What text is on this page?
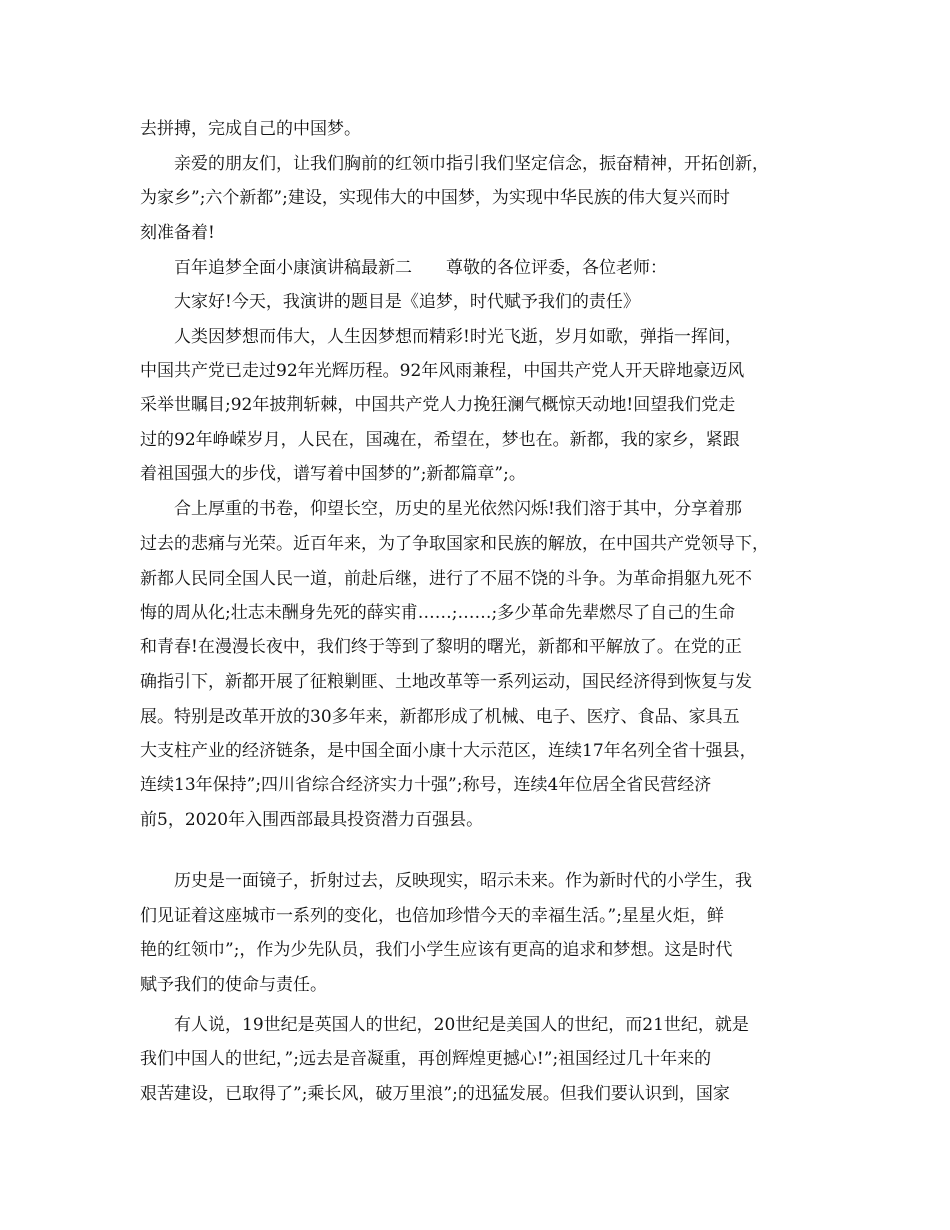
去拼搏，完成自己的中国梦。

亲爱的朋友们，让我们胸前的红领巾指引我们坚定信念，振奋精神，开拓创新，

为家乡”;六个新都”;建设，实现伟大的中国梦，为实现中华民族的伟大复兴而时

刻准备着!

百年追梦全面小康演讲稿最新二　　尊敬的各位评委，各位老师：

大家好!今天，我演讲的题目是《追梦，时代赋予我们的责任》

人类因梦想而伟大，人生因梦想而精彩!时光飞逝，岁月如歌，弹指一挥间，

中国共产党已走过92年光辉历程。92年风雨兼程，中国共产党人开天辟地豪迈风

采举世瞩目;92年披荆斩棘，中国共产党人力挽狂澜气概惊天动地!回望我们党走

过的92年峥嵘岁月，人民在，国魂在，希望在，梦也在。新都，我的家乡，紧跟

着祖国强大的步伐，谱写着中国梦的”;新都篇章”;。

合上厚重的书卷，仰望长空，历史的星光依然闪烁!我们溶于其中，分享着那

过去的悲痛与光荣。近百年来，为了争取国家和民族的解放，在中国共产党领导下，

新都人民同全国人民一道，前赴后继，进行了不屈不饶的斗争。为革命捐躯九死不

悔的周从化;壮志未酬身先死的薛实甫……;……;多少革命先辈燃尽了自己的生命

和青春!在漫漫长夜中，我们终于等到了黎明的曙光，新都和平解放了。在党的正

确指引下，新都开展了征粮剿匪、土地改革等一系列运动，国民经济得到恢复与发

展。特别是改革开放的30多年来，新都形成了机械、电子、医疗、食品、家具五

大支柱产业的经济链条，是中国全面小康十大示范区，连续17年名列全省十强县，

连续13年保持”;四川省综合经济实力十强”;称号，连续4年位居全省民营经济

前5，2020年入围西部最具投资潜力百强县。

历史是一面镜子，折射过去，反映现实，昭示未来。作为新时代的小学生，我

们见证着这座城市一系列的变化，也倍加珍惜今天的幸福生活。”;星星火炬，鲜

艳的红领巾”;，作为少先队员，我们小学生应该有更高的追求和梦想。这是时代

赋予我们的使命与责任。

有人说，19世纪是英国人的世纪，20世纪是美国人的世纪，而21世纪，就是

我们中国人的世纪，”;远去是音凝重，再创辉煌更撼心!”;祖国经过几十年来的

艰苦建设，已取得了”;乘长风，破万里浪”;的迅猛发展。但我们要认识到，国家
